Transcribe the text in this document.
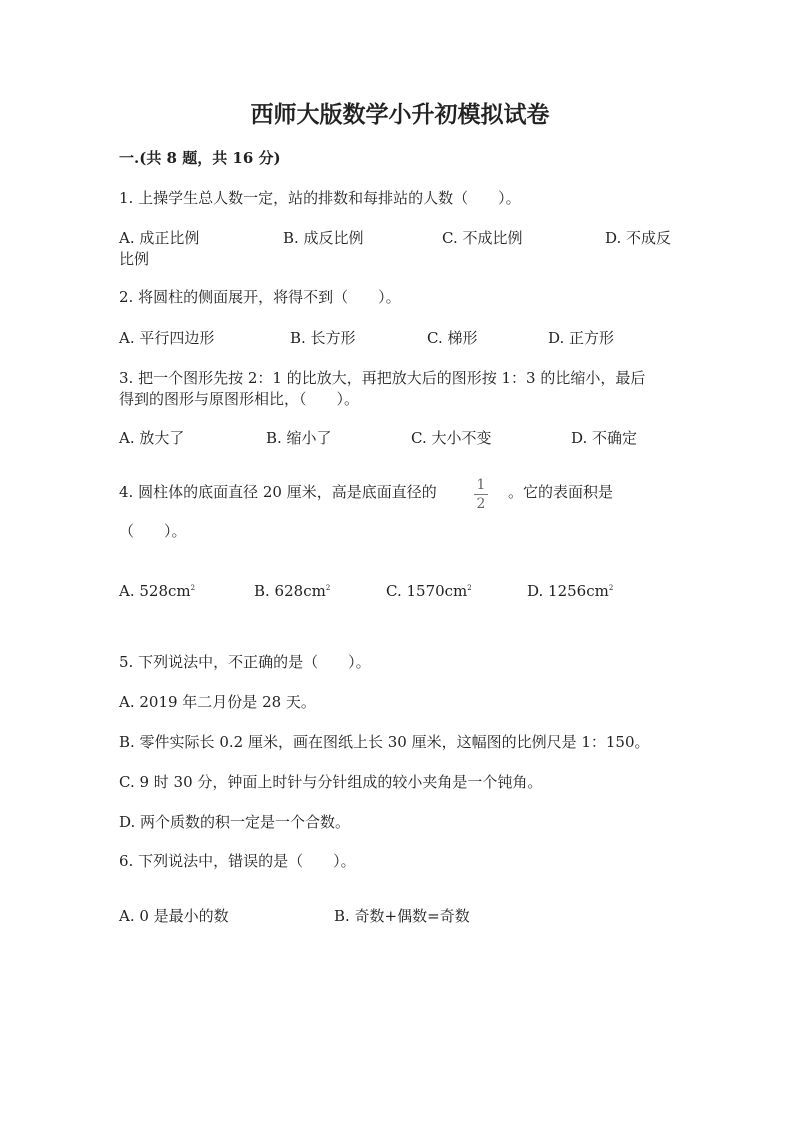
西师大版数学小升初模拟试卷
一.(共 8 题，共 16 分)
1. 上操学生总人数一定，站的排数和每排站的人数（　　）。
A. 成正比例	B. 成反比例	C. 不成比例	D. 不成反
比例
2. 将圆柱的侧面展开，将得不到（　　）。
A. 平行四边形	B. 长方形	C. 梯形	D. 正方形
3. 把一个图形先按 2：1 的比放大，再把放大后的图形按 1：3 的比缩小，最后
得到的图形与原图形相比，（　　）。
A. 放大了	B. 缩小了	C. 大小不变	D. 不确定
4. 圆柱体的底面直径 20 厘米，高是底面直径的	1
2
。它的表面积是
（　　）。
A. $528cm^2$	B. $628cm^2$	C. $1570cm^2$	D. $1256cm^2$
5. 下列说法中，不正确的是（　　）。
A. 2019 年二月份是 28 天。
B. 零件实际长 0.2 厘米，画在图纸上长 30 厘米，这幅图的比例尺是 1：150。
C. 9 时 30 分，钟面上时针与分针组成的较小夹角是一个钝角。
D. 两个质数的积一定是一个合数。
6. 下列说法中，错误的是（　　）。
A. 0 是最小的数	B. 奇数+偶数=奇数
